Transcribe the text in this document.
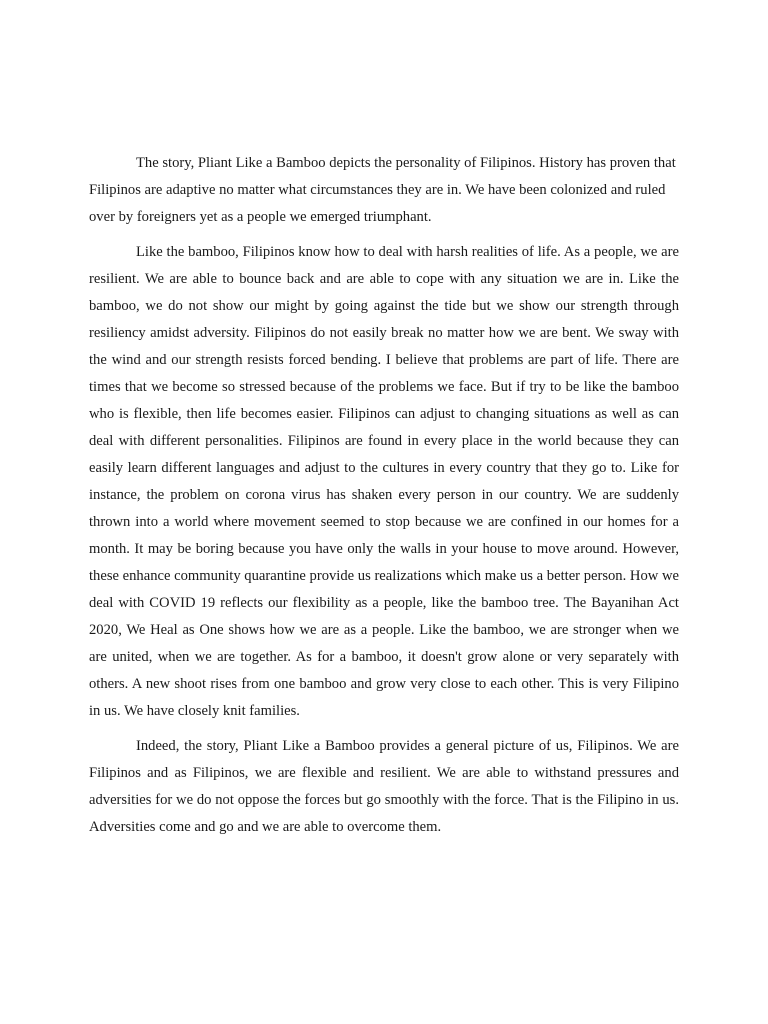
The story, Pliant Like a Bamboo depicts the personality of Filipinos. History has proven that Filipinos are adaptive no matter what circumstances they are in. We have been colonized and ruled over by foreigners yet as a people we emerged triumphant.

Like the bamboo, Filipinos know how to deal with harsh realities of life. As a people, we are resilient. We are able to bounce back and are able to cope with any situation we are in. Like the bamboo, we do not show our might by going against the tide but we show our strength through resiliency amidst adversity. Filipinos do not easily break no matter how we are bent. We sway with the wind and our strength resists forced bending. I believe that problems are part of life. There are times that we become so stressed because of the problems we face. But if try to be like the bamboo who is flexible, then life becomes easier. Filipinos can adjust to changing situations as well as can deal with different personalities. Filipinos are found in every place in the world because they can easily learn different languages and adjust to the cultures in every country that they go to. Like for instance, the problem on corona virus has shaken every person in our country. We are suddenly thrown into a world where movement seemed to stop because we are confined in our homes for a month. It may be boring because you have only the walls in your house to move around. However, these enhance community quarantine provide us realizations which make us a better person. How we deal with COVID 19 reflects our flexibility as a people, like the bamboo tree. The Bayanihan Act 2020, We Heal as One shows how we are as a people. Like the bamboo, we are stronger when we are united, when we are together. As for a bamboo, it doesn't grow alone or very separately with others. A new shoot rises from one bamboo and grow very close to each other. This is very Filipino in us. We have closely knit families.

Indeed, the story, Pliant Like a Bamboo provides a general picture of us, Filipinos. We are Filipinos and as Filipinos, we are flexible and resilient. We are able to withstand pressures and adversities for we do not oppose the forces but go smoothly with the force. That is the Filipino in us. Adversities come and go and we are able to overcome them.
